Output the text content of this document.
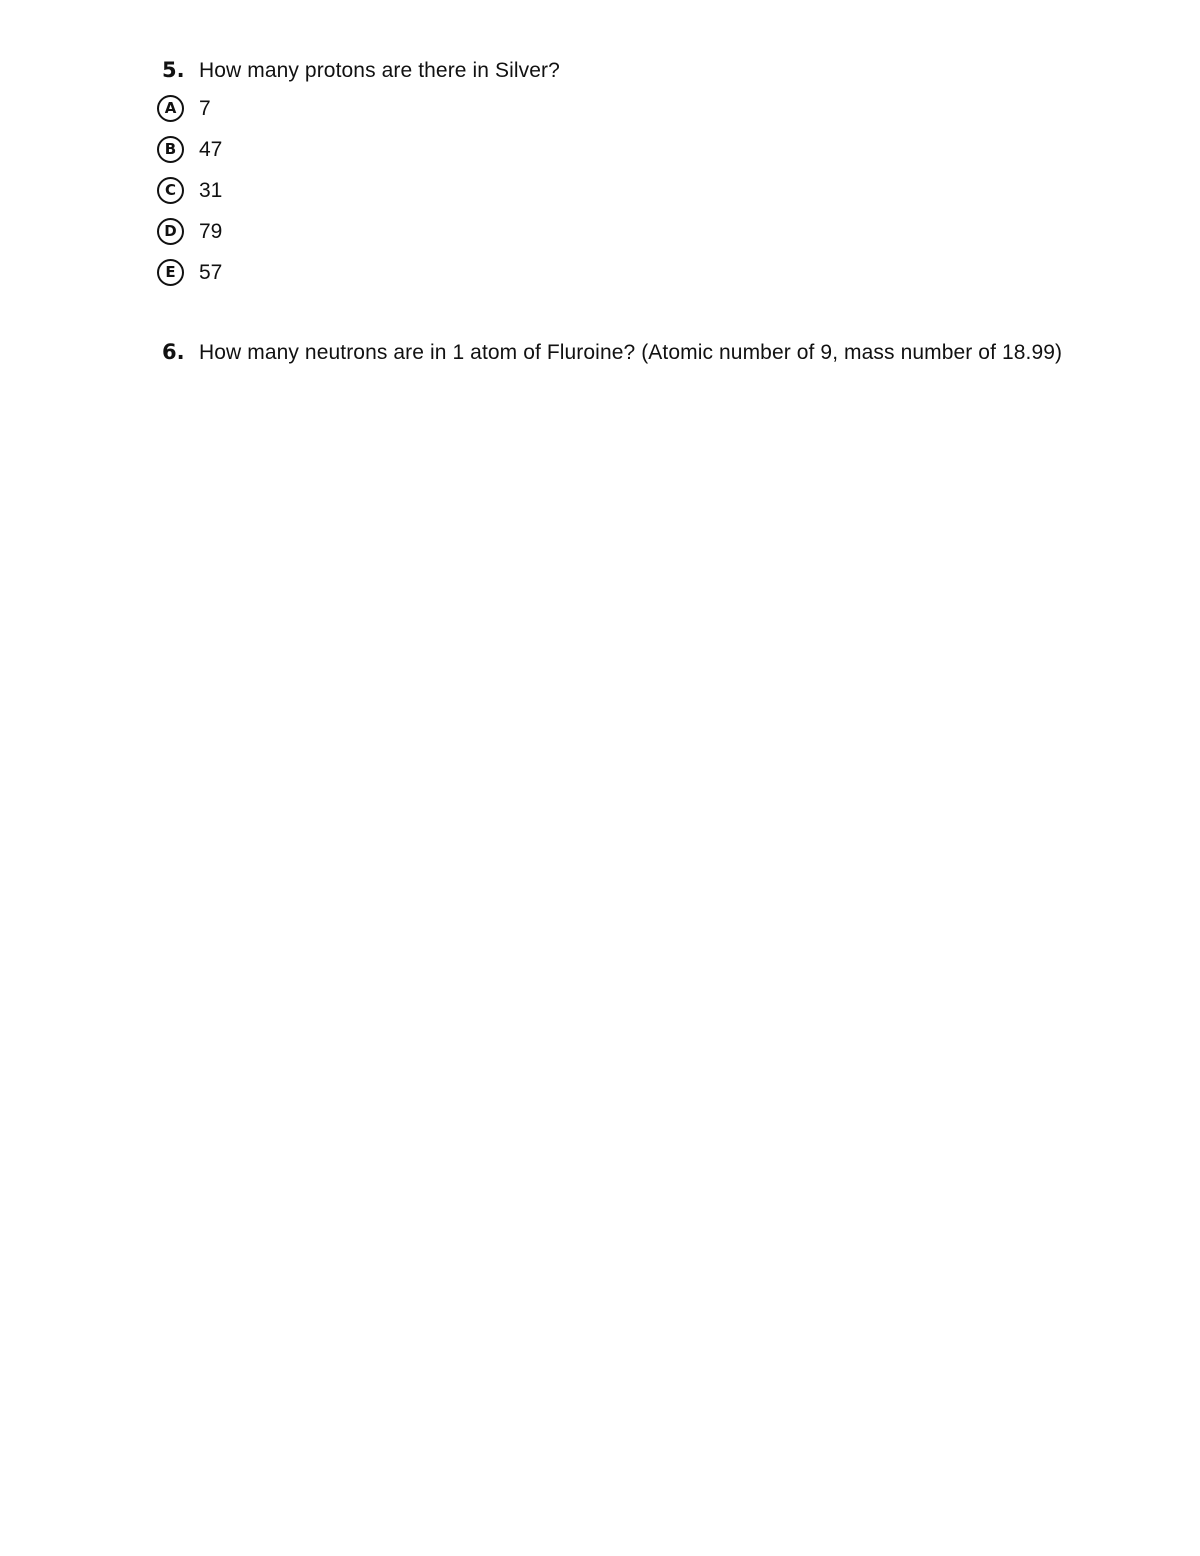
5. How many protons are there in Silver?
A	7
B	47
C	31
D	79
E	57
6. How many neutrons are in 1 atom of Fluroine? (Atomic number of 9, mass number of 18.99)
